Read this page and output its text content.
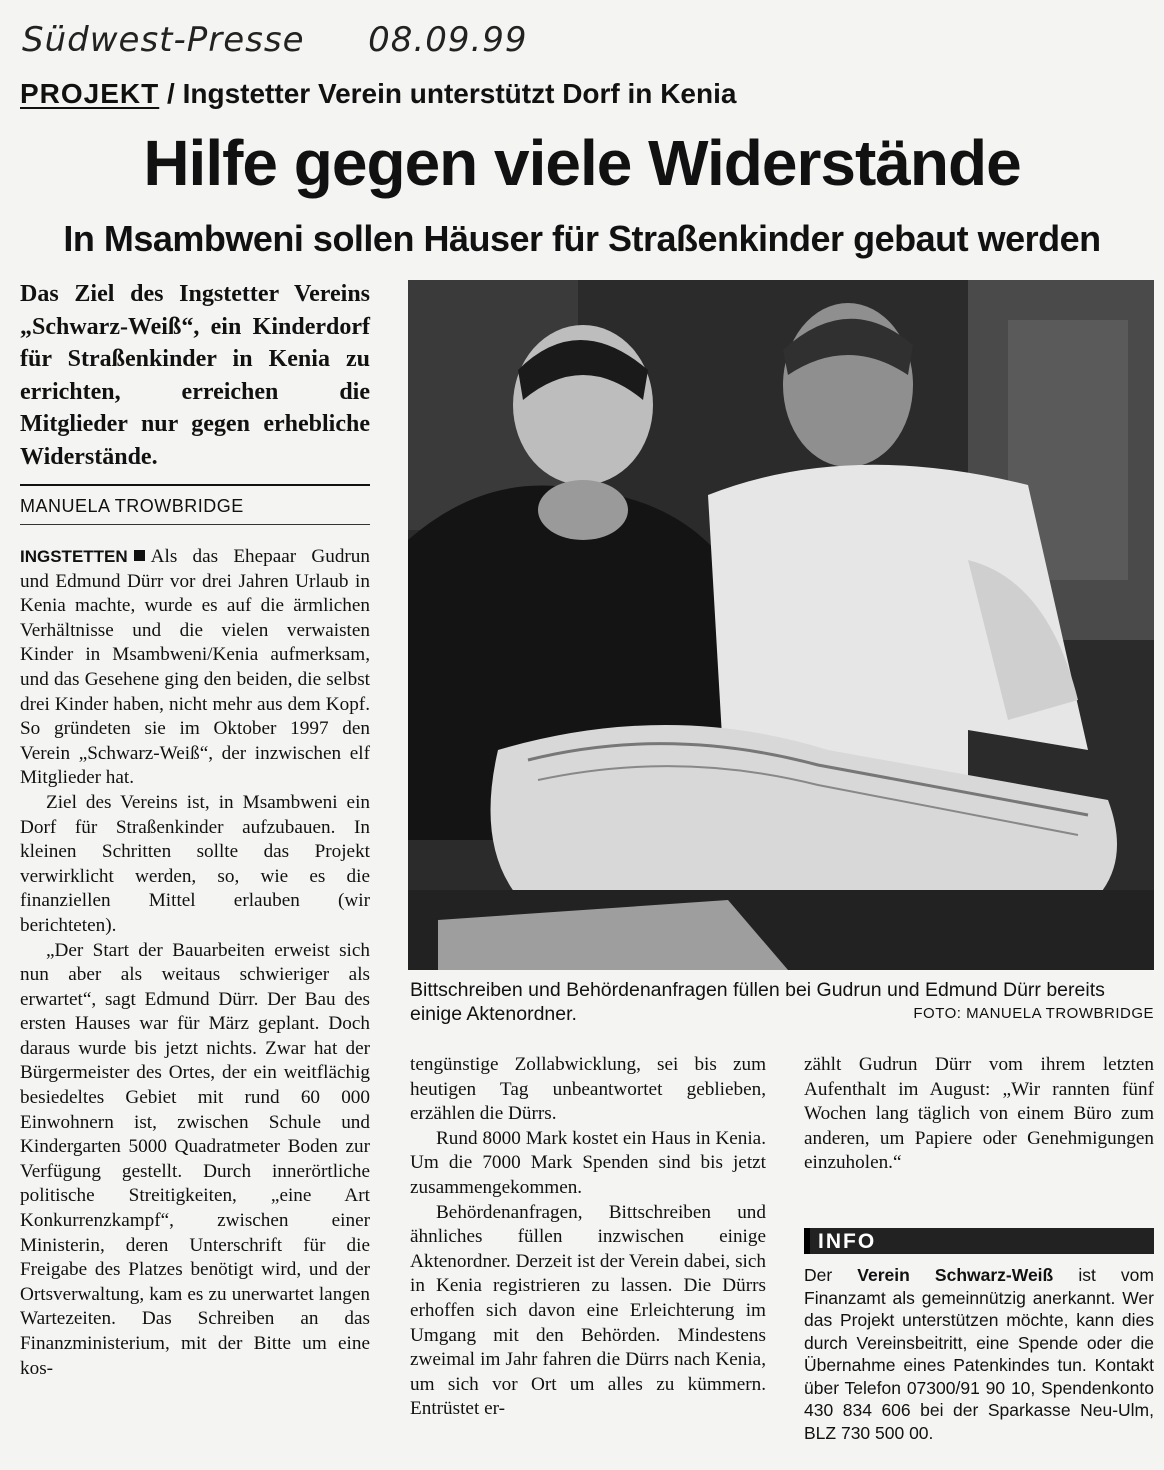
Südwest-Presse 08.09.99
PROJEKT / Ingstetter Verein unterstützt Dorf in Kenia
Hilfe gegen viele Widerstände
In Msambweni sollen Häuser für Straßenkinder gebaut werden
Das Ziel des Ingstetter Vereins „Schwarz-Weiß“, ein Kinderdorf für Straßenkinder in Kenia zu errichten, erreichen die Mitglieder nur gegen erhebliche Widerstände.
MANUELA TROWBRIDGE

INGSTETTEN Als das Ehepaar Gudrun und Edmund Dürr vor drei Jahren Urlaub in Kenia machte, wurde es auf die ärmlichen Verhältnisse und die vielen verwaisten Kinder in Msambweni/Kenia aufmerksam, und das Gesehene ging den beiden, die selbst drei Kinder haben, nicht mehr aus dem Kopf. So gründeten sie im Oktober 1997 den Verein „Schwarz-Weiß“, der inzwischen elf Mitglieder hat.

Ziel des Vereins ist, in Msambweni ein Dorf für Straßenkinder aufzubauen. In kleinen Schritten sollte das Projekt verwirklicht werden, so, wie es die finanziellen Mittel erlauben (wir berichteten).

„Der Start der Bauarbeiten erweist sich nun aber als weitaus schwieriger als erwartet“, sagt Edmund Dürr. Der Bau des ersten Hauses war für März geplant. Doch daraus wurde bis jetzt nichts. Zwar hat der Bürgermeister des Ortes, der ein weitflächig besiedeltes Gebiet mit rund 60 000 Einwohnern ist, zwischen Schule und Kindergarten 5000 Quadratmeter Boden zur Verfügung gestellt. Durch innerörtliche politische Streitigkeiten, „eine Art Konkurrenzkampf“, zwischen einer Ministerin, deren Unterschrift für die Freigabe des Platzes benötigt wird, und der Ortsverwaltung, kam es zu unerwartet langen Wartezeiten. Das Schreiben an das Finanzministerium, mit der Bitte um eine kos-

Bittschreiben und Behördenanfragen füllen bei Gudrun und Edmund Dürr bereits einige Aktenordner.	FOTO: MANUELA TROWBRIDGE

tengünstige Zollabwicklung, sei bis zum heutigen Tag unbeantwortet geblieben, erzählen die Dürrs.

Rund 8000 Mark kostet ein Haus in Kenia. Um die 7000 Mark Spenden sind bis jetzt zusammengekommen.

Behördenanfragen, Bittschreiben und ähnliches füllen inzwischen einige Aktenordner. Derzeit ist der Verein dabei, sich in Kenia registrieren zu lassen. Die Dürrs erhoffen sich davon eine Erleichterung im Umgang mit den Behörden. Mindestens zweimal im Jahr fahren die Dürrs nach Kenia, um sich vor Ort um alles zu kümmern. Entrüstet er-

zählt Gudrun Dürr vom ihrem letzten Aufenthalt im August: „Wir rannten fünf Wochen lang täglich von einem Büro zum anderen, um Papiere oder Genehmigungen einzuholen.“

INFO
Der Verein Schwarz-Weiß ist vom Finanzamt als gemeinnützig anerkannt. Wer das Projekt unterstützen möchte, kann dies durch Vereinsbeitritt, eine Spende oder die Übernahme eines Patenkindes tun. Kontakt über Telefon 07300/91 90 10, Spendenkonto 430 834 606 bei der Sparkasse Neu-Ulm, BLZ 730 500 00.
